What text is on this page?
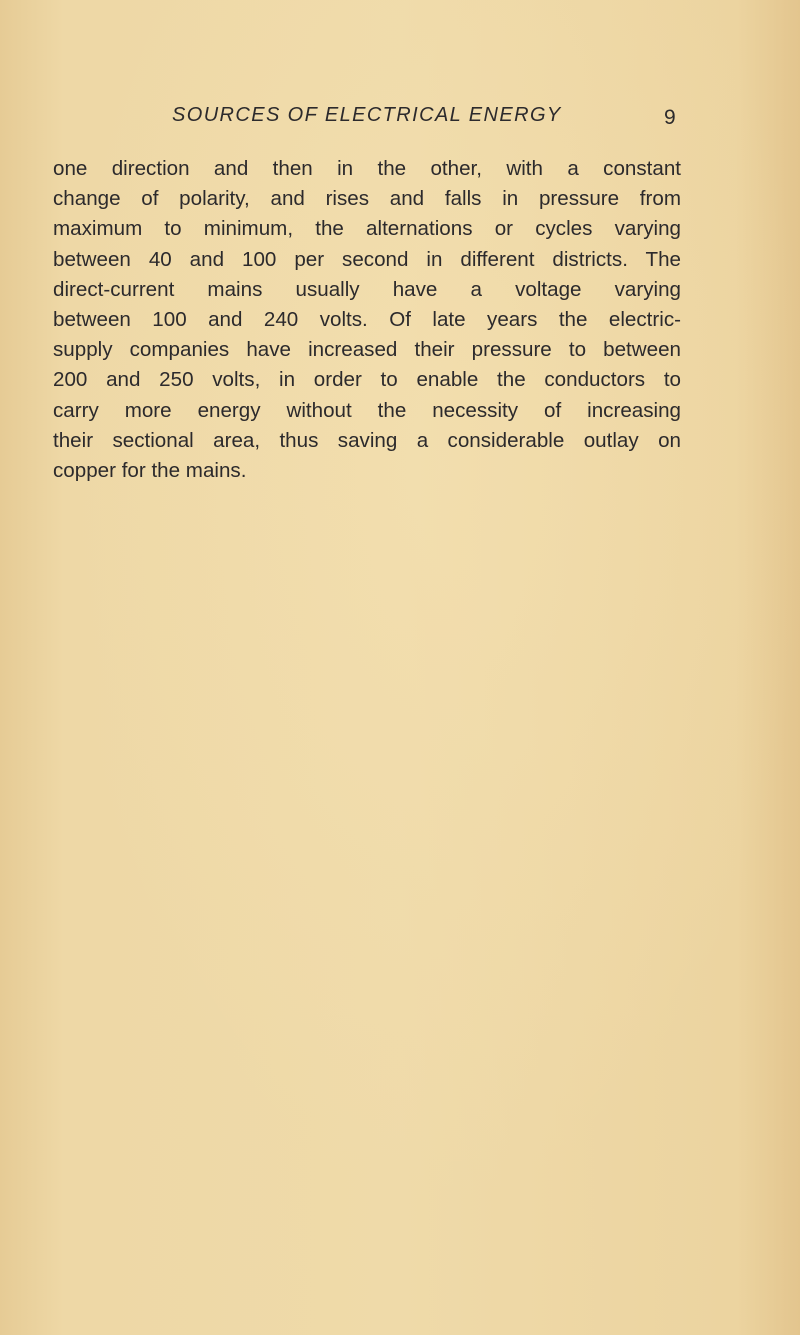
SOURCES OF ELECTRICAL ENERGY	9
one direction and then in the other, with a constant
change of polarity, and rises and falls in pressure from
maximum to minimum, the alternations or cycles varying
between 40 and 100 per second in different districts. The
direct-current mains usually have a voltage varying
between 100 and 240 volts. Of late years the electric-
supply companies have increased their pressure to between
200 and 250 volts, in order to enable the conductors to
carry more energy without the necessity of increasing
their sectional area, thus saving a considerable outlay on
copper for the mains.
